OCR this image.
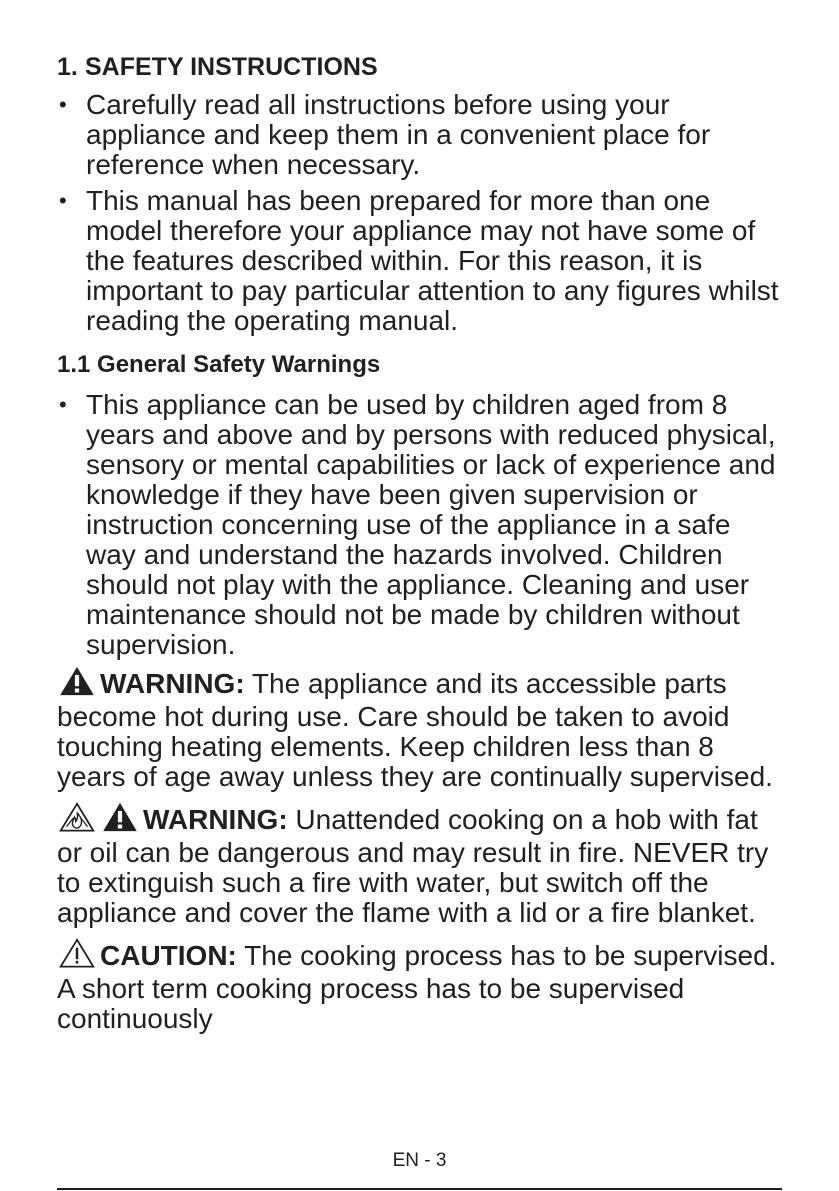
1. SAFETY INSTRUCTIONS
• Carefully read all instructions before using your appliance and keep them in a convenient place for reference when necessary.
• This manual has been prepared for more than one model therefore your appliance may not have some of the features described within. For this reason, it is important to pay particular attention to any figures whilst reading the operating manual.
1.1 General Safety Warnings
• This appliance can be used by children aged from 8 years and above and by persons with reduced physical, sensory or mental capabilities or lack of experience and knowledge if they have been given supervision or instruction concerning use of the appliance in a safe way and understand the hazards involved. Children should not play with the appliance. Cleaning and user maintenance should not be made by children without supervision.

WARNING: The appliance and its accessible parts become hot during use. Care should be taken to avoid touching heating elements. Keep children less than 8 years of age away unless they are continually supervised.

WARNING: Unattended cooking on a hob with fat or oil can be dangerous and may result in fire. NEVER try to extinguish such a fire with water, but switch off the appliance and cover the flame with a lid or a fire blanket.

CAUTION: The cooking process has to be supervised. A short term cooking process has to be supervised continuously

EN - 3
